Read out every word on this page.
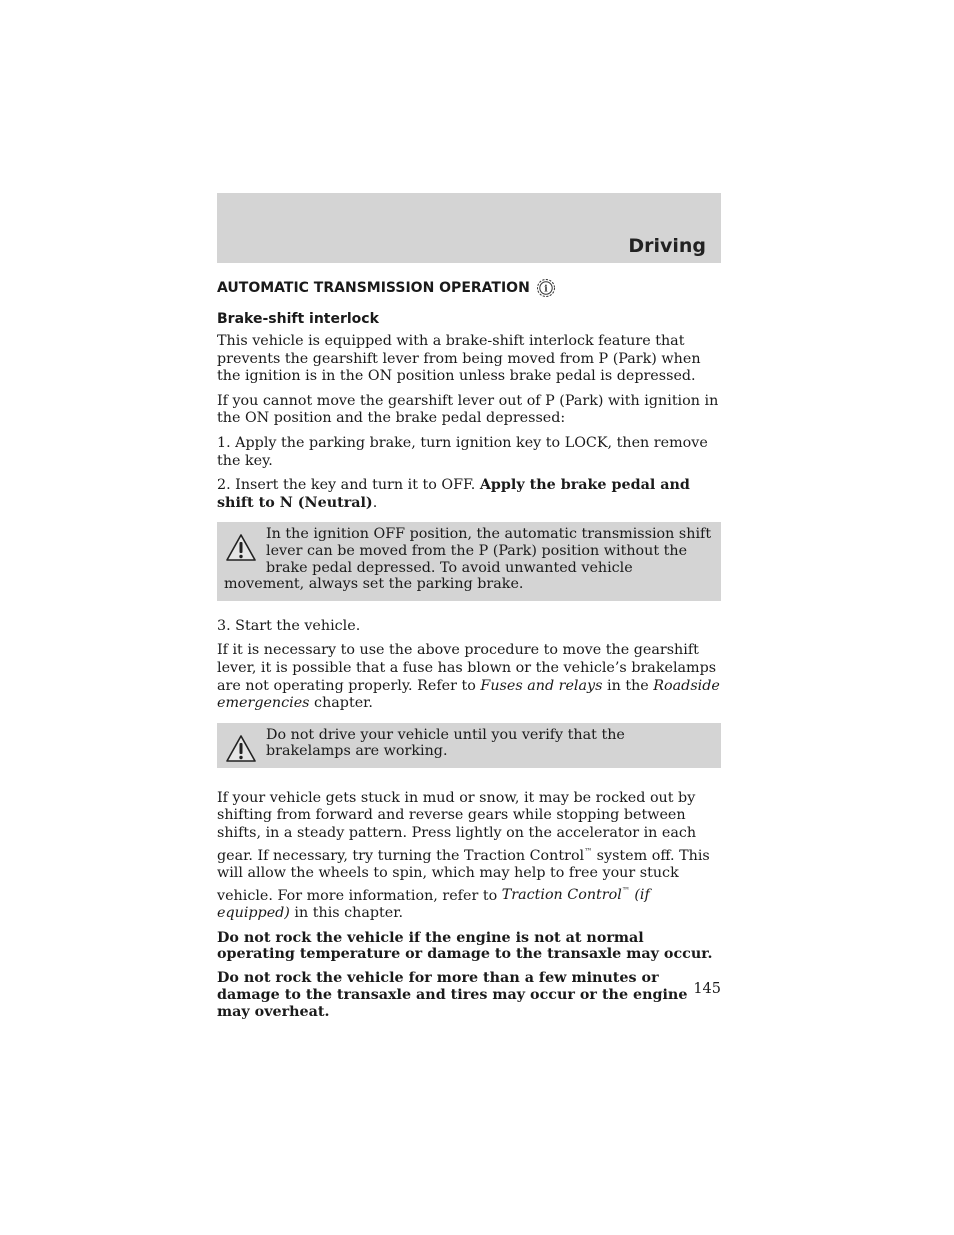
Driving
AUTOMATIC TRANSMISSION OPERATION i
Brake-shift interlock

This vehicle is equipped with a brake-shift interlock feature that prevents the gearshift lever from being moved from P (Park) when the ignition is in the ON position unless brake pedal is depressed.

If you cannot move the gearshift lever out of P (Park) with ignition in the ON position and the brake pedal depressed:

1. Apply the parking brake, turn ignition key to LOCK, then remove the key.

2. Insert the key and turn it to OFF. Apply the brake pedal and shift to N (Neutral).

In the ignition OFF position, the automatic transmission shift lever can be moved from the P (Park) position without the brake pedal depressed. To avoid unwanted vehicle movement, always set the parking brake.

3. Start the vehicle.

If it is necessary to use the above procedure to move the gearshift lever, it is possible that a fuse has blown or the vehicle’s brakelamps are not operating properly. Refer to Fuses and relays in the Roadside emergencies chapter.

Do not drive your vehicle until you verify that the brakelamps are working.

If your vehicle gets stuck in mud or snow, it may be rocked out by shifting from forward and reverse gears while stopping between shifts, in a steady pattern. Press lightly on the accelerator in each gear. If necessary, try turning the Traction Control™ system off. This will allow the wheels to spin, which may help to free your stuck vehicle. For more information, refer to Traction Control™ (if equipped) in this chapter.

Do not rock the vehicle if the engine is not at normal operating temperature or damage to the transaxle may occur.

Do not rock the vehicle for more than a few minutes or damage to the transaxle and tires may occur or the engine may overheat.

145
